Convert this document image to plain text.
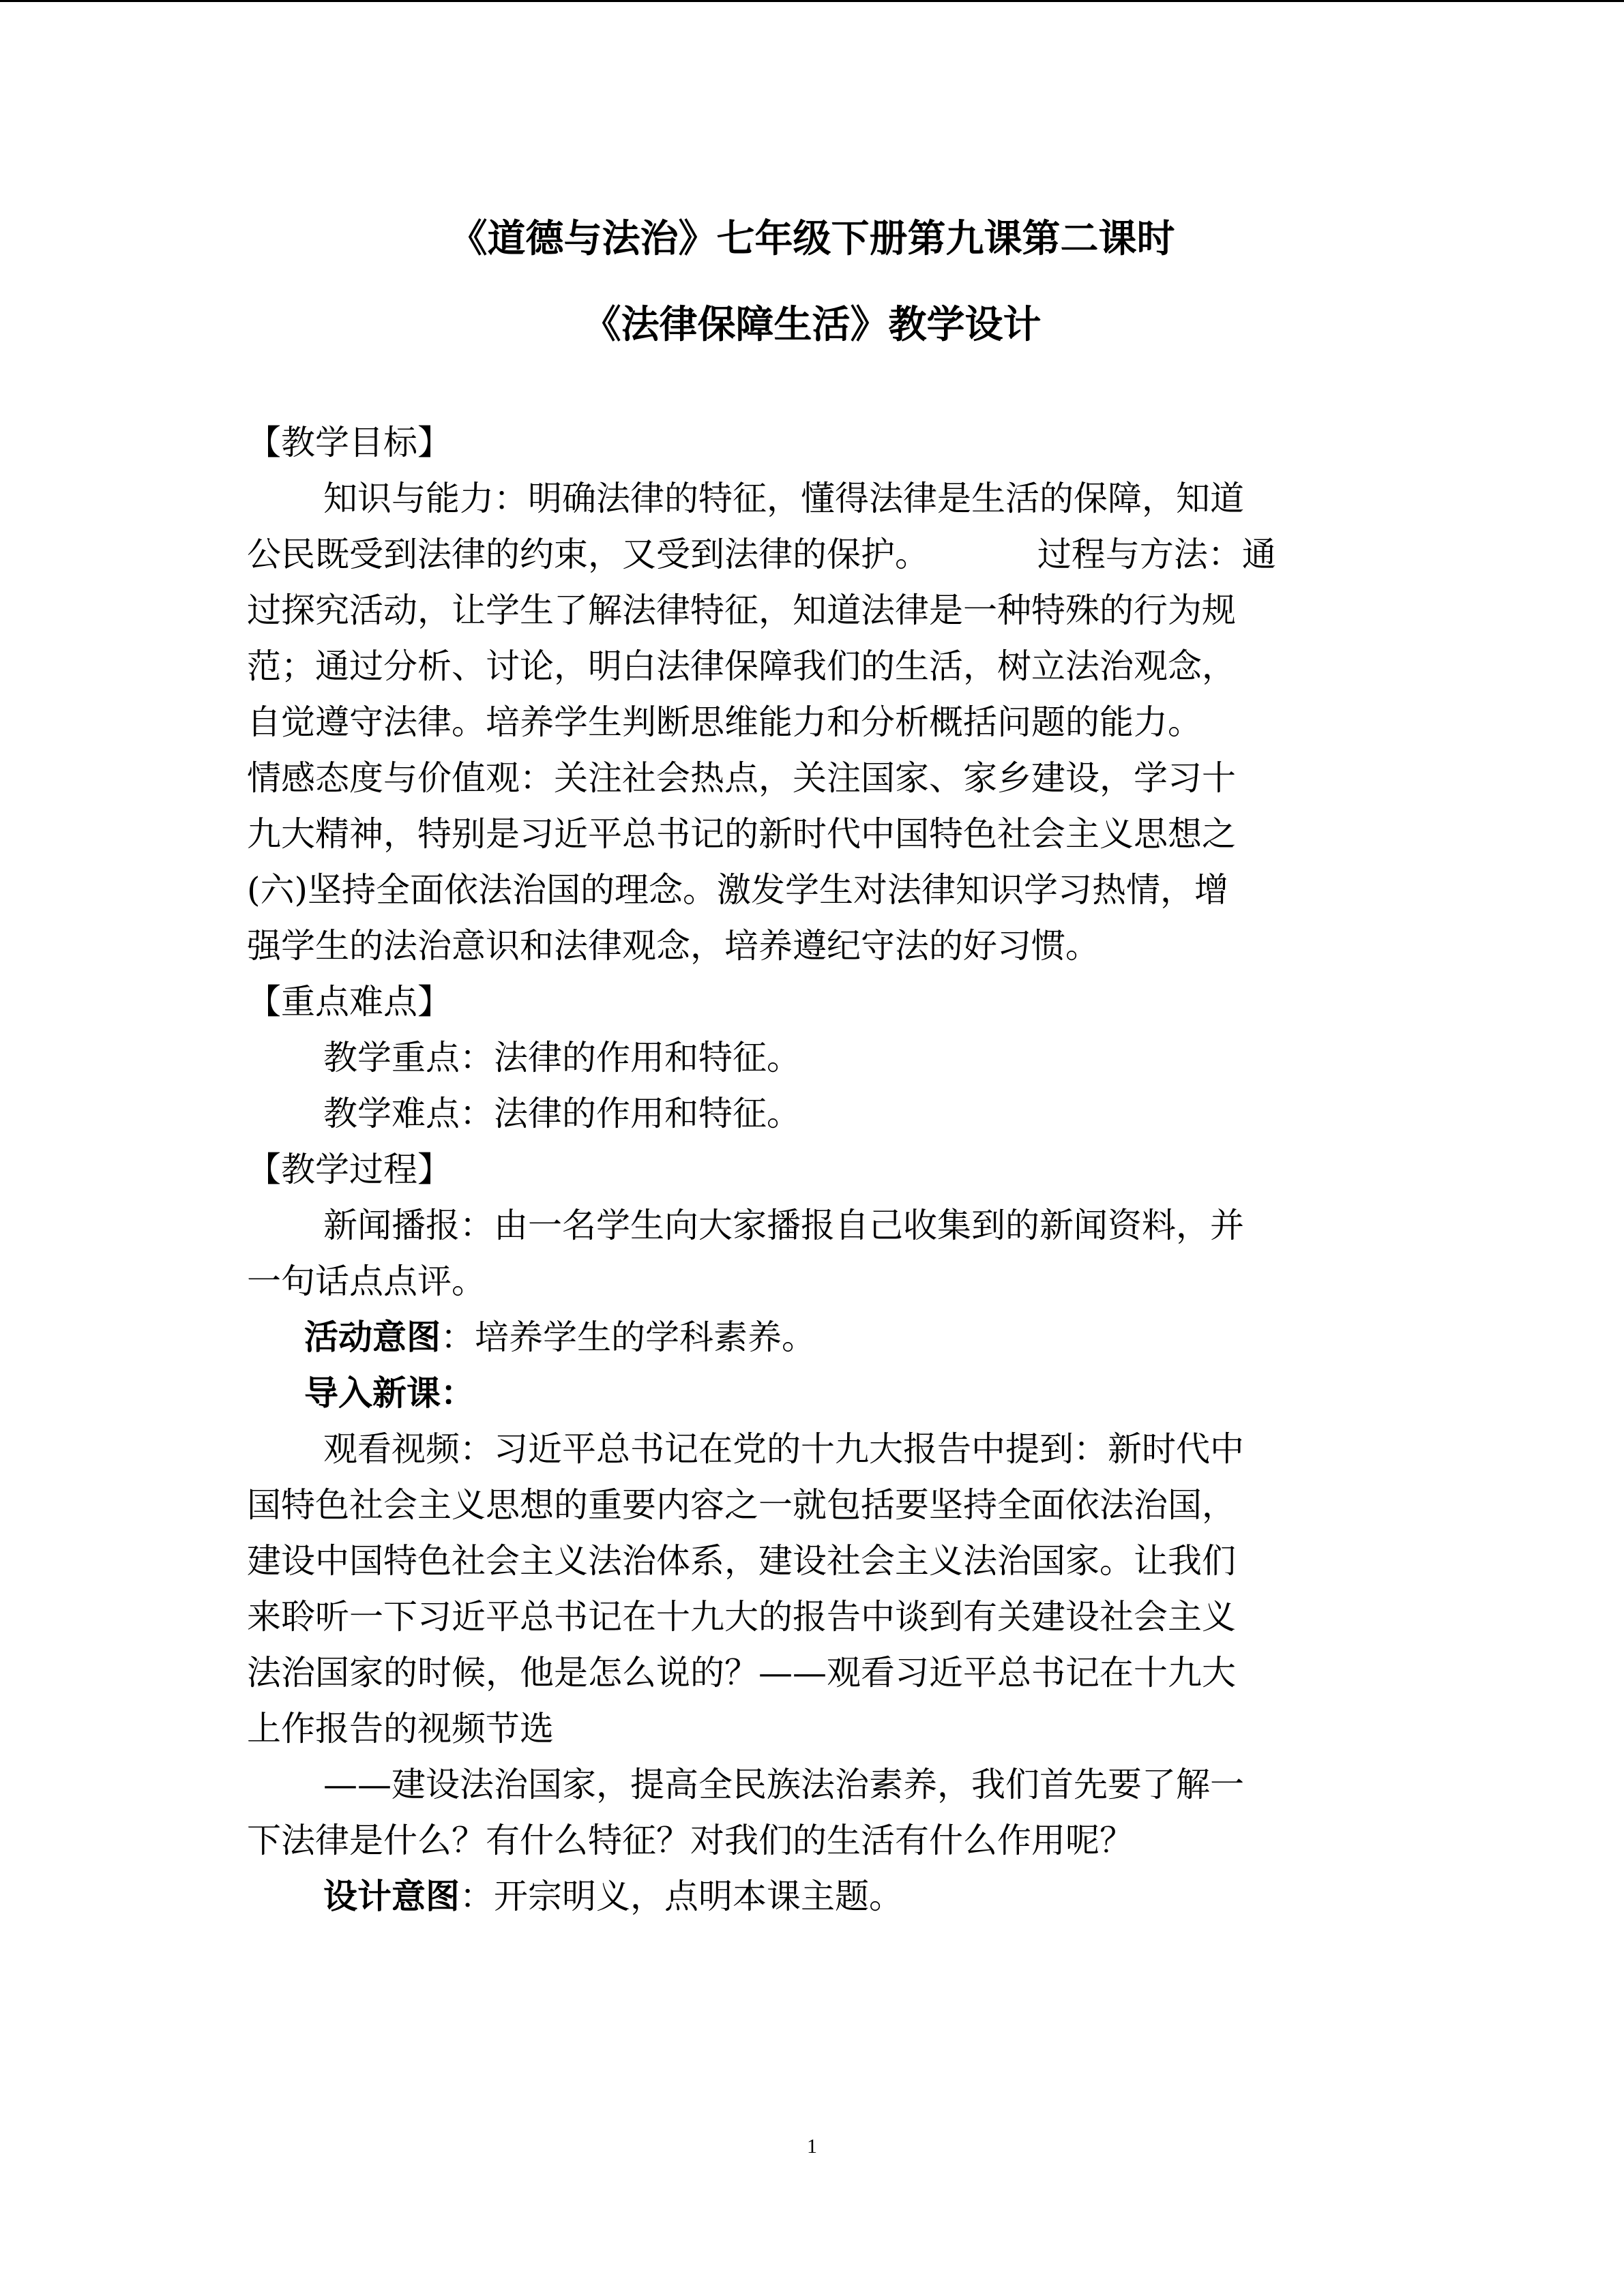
《道德与法治》七年级下册第九课第二课时
《法律保障生活》教学设计

【教学目标】

知识与能力：明确法律的特征，懂得法律是生活的保障，知道

公民既受到法律的约束，又受到法律的保护。          过程与方法：通

过探究活动，让学生了解法律特征，知道法律是一种特殊的行为规

范；通过分析、讨论，明白法律保障我们的生活，树立法治观念，

自觉遵守法律。培养学生判断思维能力和分析概括问题的能力。

情感态度与价值观：关注社会热点，关注国家、家乡建设，学习十

九大精神，特别是习近平总书记的新时代中国特色社会主义思想之

(六)坚持全面依法治国的理念。激发学生对法律知识学习热情，增

强学生的法治意识和法律观念，培养遵纪守法的好习惯。

【重点难点】

教学重点：法律的作用和特征。

教学难点：法律的作用和特征。

【教学过程】

新闻播报：由一名学生向大家播报自己收集到的新闻资料，并

一句话点点评。

活动意图：培养学生的学科素养。

导入新课：

观看视频：习近平总书记在党的十九大报告中提到：新时代中

国特色社会主义思想的重要内容之一就包括要坚持全面依法治国，

建设中国特色社会主义法治体系，建设社会主义法治国家。让我们

来聆听一下习近平总书记在十九大的报告中谈到有关建设社会主义

法治国家的时候，他是怎么说的？——观看习近平总书记在十九大

上作报告的视频节选

——建设法治国家，提高全民族法治素养，我们首先要了解一

下法律是什么？有什么特征？对我们的生活有什么作用呢？

设计意图：开宗明义，点明本课主题。

1
